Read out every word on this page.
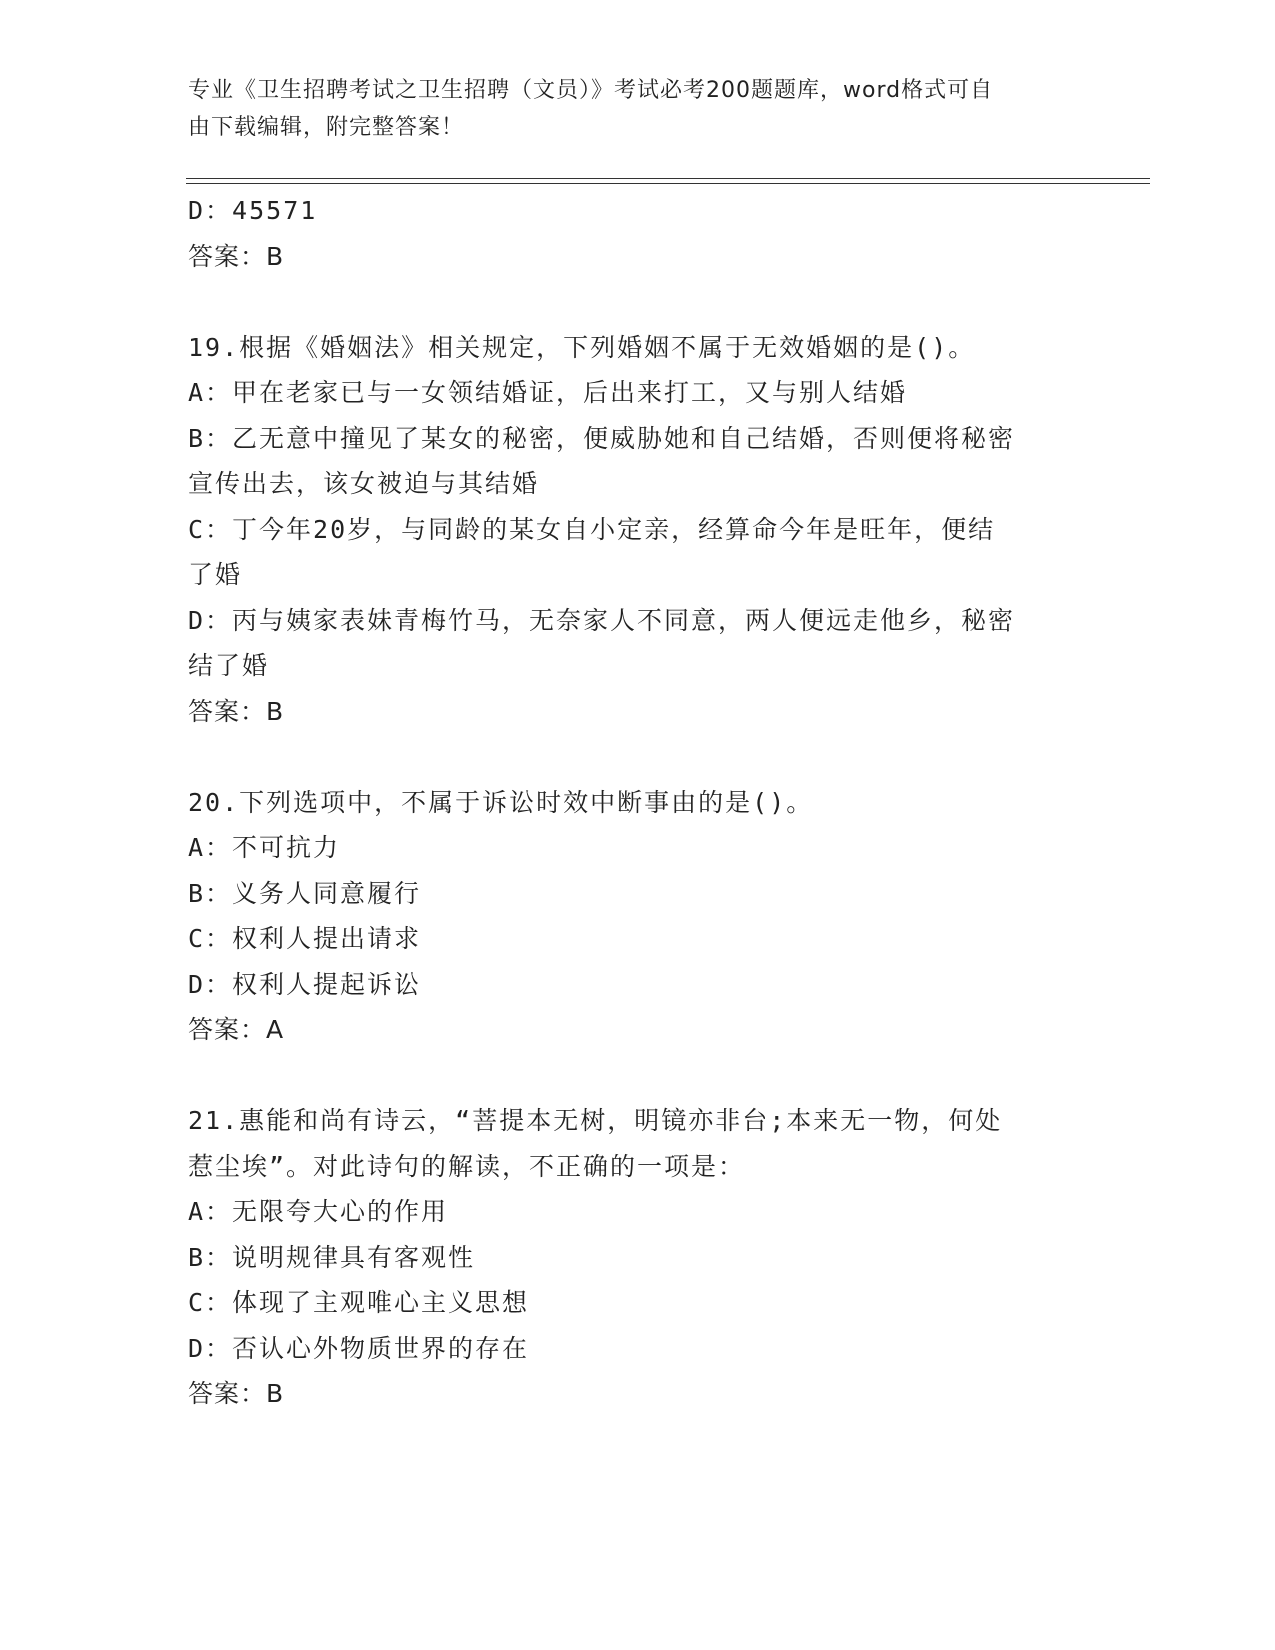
专业《卫生招聘考试之卫生招聘（文员）》考试必考200题题库，word格式可自
由下载编辑，附完整答案！
D：45571
答案：B
19.根据《婚姻法》相关规定，下列婚姻不属于无效婚姻的是()。
A：甲在老家已与一女领结婚证，后出来打工，又与别人结婚
B：乙无意中撞见了某女的秘密，便威胁她和自己结婚，否则便将秘密
宣传出去，该女被迫与其结婚
C：丁今年20岁，与同龄的某女自小定亲，经算命今年是旺年，便结
了婚
D：丙与姨家表妹青梅竹马，无奈家人不同意，两人便远走他乡，秘密
结了婚
答案：B
20.下列选项中，不属于诉讼时效中断事由的是()。
A：不可抗力
B：义务人同意履行
C：权利人提出请求
D：权利人提起诉讼
答案：A
21.惠能和尚有诗云，“菩提本无树，明镜亦非台;本来无一物，何处
惹尘埃”。对此诗句的解读，不正确的一项是：
A：无限夸大心的作用
B：说明规律具有客观性
C：体现了主观唯心主义思想
D：否认心外物质世界的存在
答案：B
